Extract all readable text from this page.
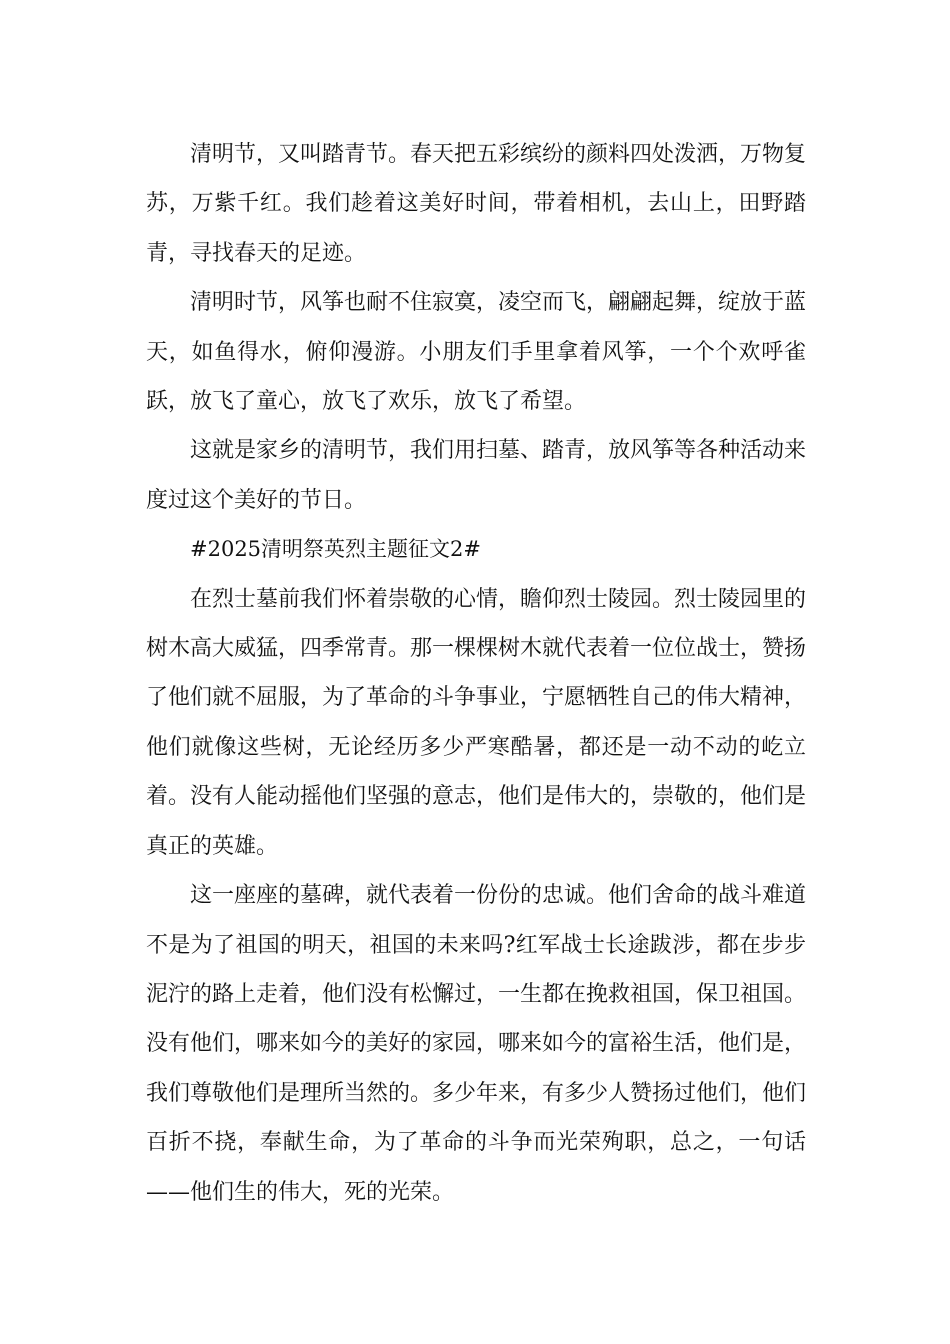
清明节，又叫踏青节。春天把五彩缤纷的颜料四处泼洒，万物复苏，万紫千红。我们趁着这美好时间，带着相机，去山上，田野踏青，寻找春天的足迹。

清明时节，风筝也耐不住寂寞，凌空而飞，翩翩起舞，绽放于蓝天，如鱼得水，俯仰漫游。小朋友们手里拿着风筝，一个个欢呼雀跃，放飞了童心，放飞了欢乐，放飞了希望。

这就是家乡的清明节，我们用扫墓、踏青，放风筝等各种活动来度过这个美好的节日。

#2025清明祭英烈主题征文2#

在烈士墓前我们怀着崇敬的心情，瞻仰烈士陵园。烈士陵园里的树木高大威猛，四季常青。那一棵棵树木就代表着一位位战士，赞扬了他们就不屈服，为了革命的斗争事业，宁愿牺牲自己的伟大精神，他们就像这些树，无论经历多少严寒酷暑，都还是一动不动的屹立着。没有人能动摇他们坚强的意志，他们是伟大的，崇敬的，他们是真正的英雄。

这一座座的墓碑，就代表着一份份的忠诚。他们舍命的战斗难道不是为了祖国的明天，祖国的未来吗?红军战士长途跋涉，都在步步泥泞的路上走着，他们没有松懈过，一生都在挽救祖国，保卫祖国。没有他们，哪来如今的美好的家园，哪来如今的富裕生活，他们是，我们尊敬他们是理所当然的。多少年来，有多少人赞扬过他们，他们百折不挠，奉献生命，为了革命的斗争而光荣殉职，总之，一句话——他们生的伟大，死的光荣。
